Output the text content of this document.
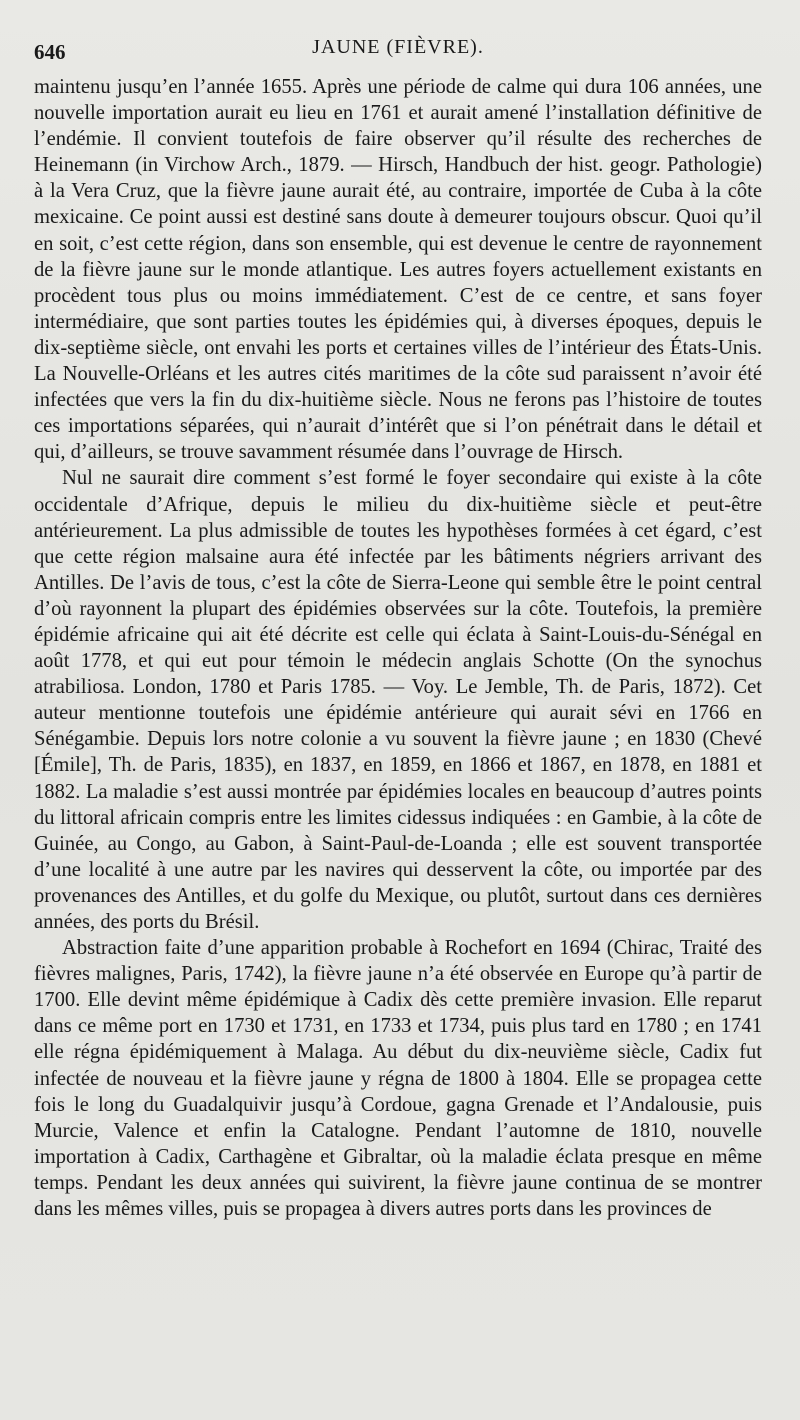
646	JAUNE (FIÈVRE).

maintenu jusqu’en l’année 1655. Après une période de calme qui dura 106 années, une nouvelle importation aurait eu lieu en 1761 et aurait amené l’installation définitive de l’endémie. Il convient toutefois de faire observer qu’il résulte des recherches de Heinemann (in Virchow Arch., 1879. — Hirsch, Handbuch der hist. geogr. Pathologie) à la Vera Cruz, que la fièvre jaune aurait été, au contraire, importée de Cuba à la côte mexicaine. Ce point aussi est destiné sans doute à demeurer toujours obscur. Quoi qu’il en soit, c’est cette région, dans son ensemble, qui est devenue le centre de rayonnement de la fièvre jaune sur le monde atlantique. Les autres foyers actuellement existants en procèdent tous plus ou moins immédiatement. C’est de ce centre, et sans foyer intermédiaire, que sont parties toutes les épidémies qui, à diverses époques, depuis le dix-septième siècle, ont envahi les ports et certaines villes de l’intérieur des États-Unis. La Nouvelle-Orléans et les autres cités maritimes de la côte sud paraissent n’avoir été infectées que vers la fin du dix-huitième siècle. Nous ne ferons pas l’histoire de toutes ces importations séparées, qui n’aurait d’intérêt que si l’on pénétrait dans le détail et qui, d’ailleurs, se trouve savamment résumée dans l’ouvrage de Hirsch.

Nul ne saurait dire comment s’est formé le foyer secondaire qui existe à la côte occidentale d’Afrique, depuis le milieu du dix-huitième siècle et peut-être antérieurement. La plus admissible de toutes les hypothèses formées à cet égard, c’est que cette région malsaine aura été infectée par les bâtiments négriers arrivant des Antilles. De l’avis de tous, c’est la côte de Sierra-Leone qui semble être le point central d’où rayonnent la plupart des épidémies observées sur la côte. Toutefois, la première épidémie africaine qui ait été décrite est celle qui éclata à Saint-Louis-du-Sénégal en août 1778, et qui eut pour témoin le médecin anglais Schotte (On the synochus atrabiliosa. London, 1780 et Paris 1785. — Voy. Le Jemble, Th. de Paris, 1872). Cet auteur mentionne toutefois une épidémie antérieure qui aurait sévi en 1766 en Sénégambie. Depuis lors notre colonie a vu souvent la fièvre jaune ; en 1830 (Chevé [Émile], Th. de Paris, 1835), en 1837, en 1859, en 1866 et 1867, en 1878, en 1881 et 1882. La maladie s’est aussi montrée par épidémies locales en beaucoup d’autres points du littoral africain compris entre les limites cidessus indiquées : en Gambie, à la côte de Guinée, au Congo, au Gabon, à Saint-Paul-de-Loanda ; elle est souvent transportée d’une localité à une autre par les navires qui desservent la côte, ou importée par des provenances des Antilles, et du golfe du Mexique, ou plutôt, surtout dans ces dernières années, des ports du Brésil.

Abstraction faite d’une apparition probable à Rochefort en 1694 (Chirac, Traité des fièvres malignes, Paris, 1742), la fièvre jaune n’a été observée en Europe qu’à partir de 1700. Elle devint même épidémique à Cadix dès cette première invasion. Elle reparut dans ce même port en 1730 et 1731, en 1733 et 1734, puis plus tard en 1780 ; en 1741 elle régna épidémiquement à Malaga. Au début du dix-neuvième siècle, Cadix fut infectée de nouveau et la fièvre jaune y régna de 1800 à 1804. Elle se propagea cette fois le long du Guadalquivir jusqu’à Cordoue, gagna Grenade et l’Andalousie, puis Murcie, Valence et enfin la Catalogne. Pendant l’automne de 1810, nouvelle importation à Cadix, Carthagène et Gibraltar, où la maladie éclata presque en même temps. Pendant les deux années qui suivirent, la fièvre jaune continua de se montrer dans les mêmes villes, puis se propagea à divers autres ports dans les provinces de
